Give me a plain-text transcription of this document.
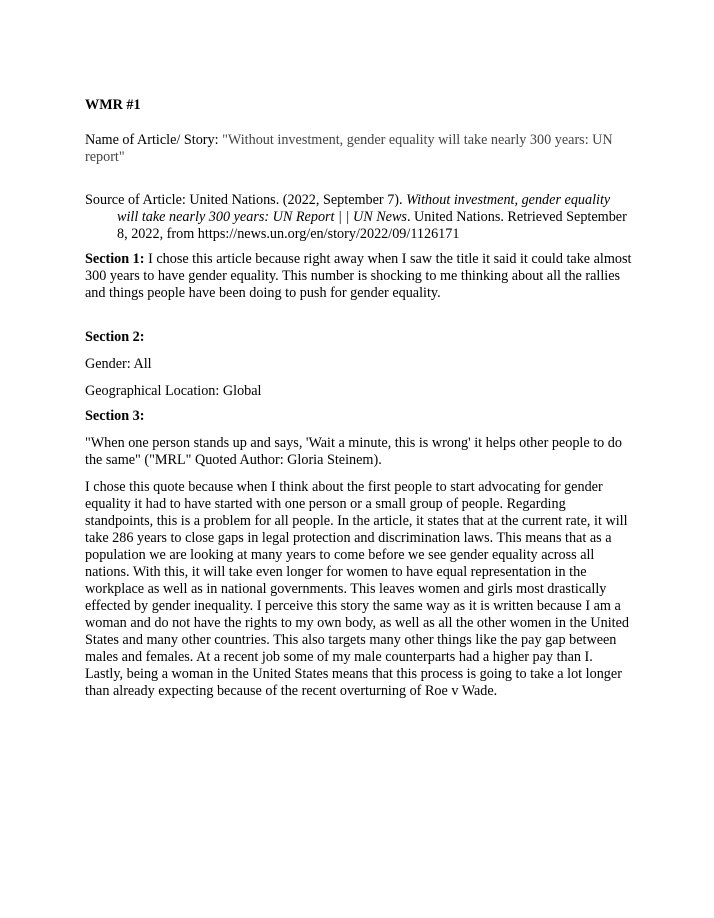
WMR #1

Name of Article/ Story: "Without investment, gender equality will take nearly 300 years: UN report"

Source of Article: United Nations. (2022, September 7). Without investment, gender equality will take nearly 300 years: UN Report | | UN News. United Nations. Retrieved September 8, 2022, from https://news.un.org/en/story/2022/09/1126171

Section 1: I chose this article because right away when I saw the title it said it could take almost 300 years to have gender equality. This number is shocking to me thinking about all the rallies and things people have been doing to push for gender equality.

Section 2:

Gender: All

Geographical Location: Global

Section 3:

"When one person stands up and says, 'Wait a minute, this is wrong' it helps other people to do the same" ("MRL" Quoted Author: Gloria Steinem).

I chose this quote because when I think about the first people to start advocating for gender equality it had to have started with one person or a small group of people. Regarding standpoints, this is a problem for all people. In the article, it states that at the current rate, it will take 286 years to close gaps in legal protection and discrimination laws. This means that as a population we are looking at many years to come before we see gender equality across all nations. With this, it will take even longer for women to have equal representation in the workplace as well as in national governments. This leaves women and girls most drastically effected by gender inequality. I perceive this story the same way as it is written because I am a woman and do not have the rights to my own body, as well as all the other women in the United States and many other countries. This also targets many other things like the pay gap between males and females. At a recent job some of my male counterparts had a higher pay than I. Lastly, being a woman in the United States means that this process is going to take a lot longer than already expecting because of the recent overturning of Roe v Wade.
